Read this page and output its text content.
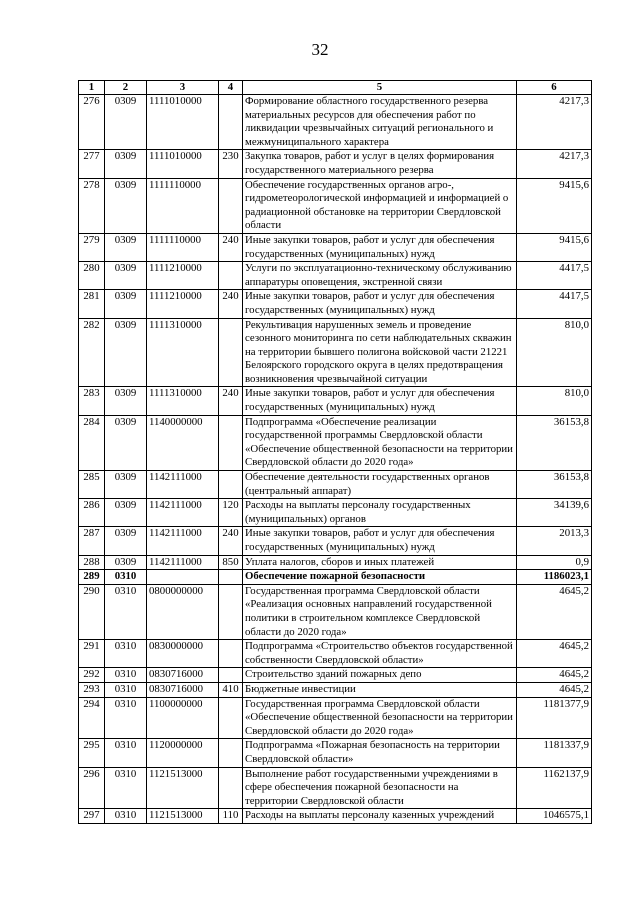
32
1	2	3	4	5	6
276	0309	1111010000		Формирование областного государственного резерва материальных ресурсов для обеспечения работ по ликвидации чрезвычайных ситуаций регионального и межмуниципального характера	4217,3
277	0309	1111010000	230	Закупка товаров, работ и услуг в целях формирования государственного материального резерва	4217,3
278	0309	1111110000		Обеспечение государственных органов агро-, гидрометеорологической информацией и информацией о радиационной обстановке на территории Свердловской области	9415,6
279	0309	1111110000	240	Иные закупки товаров, работ и услуг для обеспечения государственных (муниципальных) нужд	9415,6
280	0309	1111210000		Услуги по эксплуатационно-техническому обслуживанию аппаратуры оповещения, экстренной связи	4417,5
281	0309	1111210000	240	Иные закупки товаров, работ и услуг для обеспечения государственных (муниципальных) нужд	4417,5
282	0309	1111310000		Рекультивация нарушенных земель и проведение сезонного мониторинга по сети наблюдательных скважин на территории бывшего полигона войсковой части 21221 Белоярского городского округа в целях предотвращения возникновения чрезвычайной ситуации	810,0
283	0309	1111310000	240	Иные закупки товаров, работ и услуг для обеспечения государственных (муниципальных) нужд	810,0
284	0309	1140000000		Подпрограмма «Обеспечение реализации государственной программы Свердловской области «Обеспечение общественной безопасности на территории Свердловской области до 2020 года»	36153,8
285	0309	1142111000		Обеспечение деятельности государственных органов (центральный аппарат)	36153,8
286	0309	1142111000	120	Расходы на выплаты персоналу государственных (муниципальных) органов	34139,6
287	0309	1142111000	240	Иные закупки товаров, работ и услуг для обеспечения государственных (муниципальных) нужд	2013,3
288	0309	1142111000	850	Уплата налогов, сборов и иных платежей	0,9
289	0310			Обеспечение пожарной безопасности	1186023,1
290	0310	0800000000		Государственная программа Свердловской области «Реализация основных направлений государственной политики в строительном комплексе Свердловской области до 2020 года»	4645,2
291	0310	0830000000		Подпрограмма «Строительство объектов государственной собственности Свердловской области»	4645,2
292	0310	0830716000		Строительство зданий пожарных депо	4645,2
293	0310	0830716000	410	Бюджетные инвестиции	4645,2
294	0310	1100000000		Государственная программа Свердловской области «Обеспечение общественной безопасности на территории Свердловской области до 2020 года»	1181377,9
295	0310	1120000000		Подпрограмма «Пожарная безопасность на территории Свердловской области»	1181337,9
296	0310	1121513000		Выполнение работ государственными учреждениями в сфере обеспечения пожарной безопасности на территории Свердловской области	1162137,9
297	0310	1121513000	110	Расходы на выплаты персоналу казенных учреждений	1046575,1
